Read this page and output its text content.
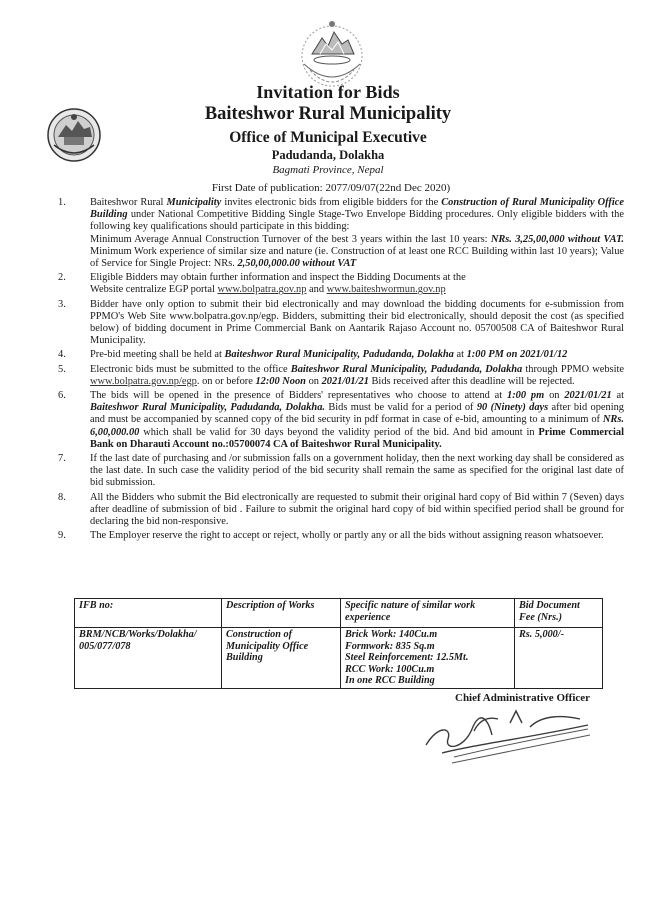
Invitation for Bids
Baiteshwor Rural Municipality
Office of Municipal Executive
Padudanda, Dolakha
Bagmati Province, Nepal
First Date of publication: 2077/09/07(22nd Dec 2020)
1. Baiteshwor Rural Municipality invites electronic bids from eligible bidders for the Construction of Rural Municipality Office Building under National Competitive Bidding Single Stage-Two Envelope Bidding procedures. Only eligible bidders with the following key qualifications should participate in this bidding:

Minimum Average Annual Construction Turnover of the best 3 years within the last 10 years: NRs. 3,25,00,000 without VAT. Minimum Work experience of similar size and nature (ie. Construction of at least one RCC Building within last 10 years); Value of Service for Single Project: NRs. 2,50,00,000.00 without VAT

2. Eligible Bidders may obtain further information and inspect the Bidding Documents at the

Website centralize EGP portal www.bolpatra.gov.np and www.baiteshwormun.gov.np

3. Bidder have only option to submit their bid electronically and may download the bidding documents for e-submission from PPMO's Web Site www.bolpatra.gov.np/egp. Bidders, submitting their bid electronically, should deposit the cost (as specified below) of bidding document in Prime Commercial Bank on Aantarik Rajaso Account no. 05700508 CA of Baiteshwor Rural Municipality.

4. Pre-bid meeting shall be held at Baiteshwor Rural Municipality, Padudanda, Dolakha at 1:00 PM on 2021/01/12

5. Electronic bids must be submitted to the office Baiteshwor Rural Municipality, Padudanda, Dolakha through PPMO website www.bolpatra.gov.np/egp. on or before 12:00 Noon on 2021/01/21 Bids received after this deadline will be rejected.

6. The bids will be opened in the presence of Bidders' representatives who choose to attend at 1:00 pm on 2021/01/21 at Baiteshwor Rural Municipality, Padudanda, Dolakha. Bids must be valid for a period of 90 (Ninety) days after bid opening and must be accompanied by scanned copy of the bid security in pdf format in case of e-bid, amounting to a minimum of NRs. 6,00,000.00 which shall be valid for 30 days beyond the validity period of the bid. And bid amount in Prime Commercial Bank on Dharauti Account no.:05700074 CA of Baiteshwor Rural Municipality.

7. If the last date of purchasing and /or submission falls on a government holiday, then the next working day shall be considered as the last date. In such case the validity period of the bid security shall remain the same as specified for the original last date of bid submission.

8. All the Bidders who submit the Bid electronically are requested to submit their original hard copy of Bid within 7 (Seven) days after deadline of submission of bid . Failure to submit the original hard copy of bid within specified period shall be ground for declaring the bid non-responsive.

9. The Employer reserve the right to accept or reject, wholly or partly any or all the bids without assigning reason whatsoever.

IFB no:	Description of Works	Specific nature of similar work experience	Bid Document Fee (Nrs.)
BRM/NCB/Works/Dolakha/ 005/077/078	Construction of Municipality Office Building	Brick Work: 140Cu.m
Formwork: 835 Sq.m
Steel Reinforcement: 12.5Mt.
RCC Work: 100Cu.m
In one RCC Building	Rs. 5,000/-
Chief Administrative Officer
